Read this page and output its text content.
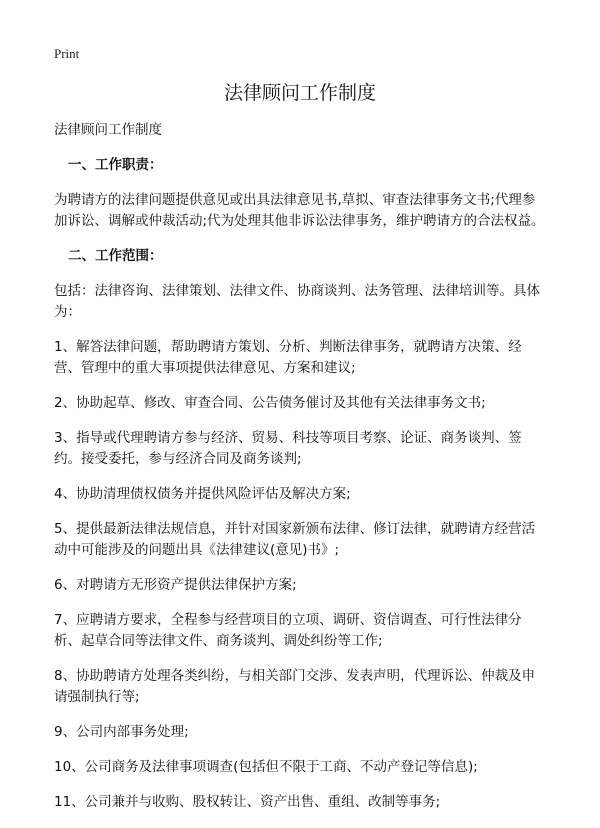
Print
法律顾问工作制度

法律顾问工作制度

一、工作职责：

为聘请方的法律问题提供意见或出具法律意见书,草拟、审查法律事务文书;代理参加诉讼、调解或仲裁活动;代为处理其他非诉讼法律事务，维护聘请方的合法权益。

二、工作范围：

包括：法律咨询、法律策划、法律文件、协商谈判、法务管理、法律培训等。具体为：

1、解答法律问题，帮助聘请方策划、分析、判断法律事务，就聘请方决策、经营、管理中的重大事项提供法律意见、方案和建议;

2、协助起草、修改、审查合同、公告债务催讨及其他有关法律事务文书;

3、指导或代理聘请方参与经济、贸易、科技等项目考察、论证、商务谈判、签约。接受委托，参与经济合同及商务谈判;

4、协助清理债权债务并提供风险评估及解决方案;

5、提供最新法律法规信息，并针对国家新颁布法律、修订法律，就聘请方经营活动中可能涉及的问题出具《法律建议(意见)书》;

6、对聘请方无形资产提供法律保护方案;

7、应聘请方要求，全程参与经营项目的立项、调研、资信调查、可行性法律分析、起草合同等法律文件、商务谈判、调处纠纷等工作;

8、协助聘请方处理各类纠纷，与相关部门交涉、发表声明，代理诉讼、仲裁及申请强制执行等;

9、公司内部事务处理;

10、公司商务及法律事项调查(包括但不限于工商、不动产登记等信息);

11、公司兼并与收购、股权转让、资产出售、重组、改制等事务;
